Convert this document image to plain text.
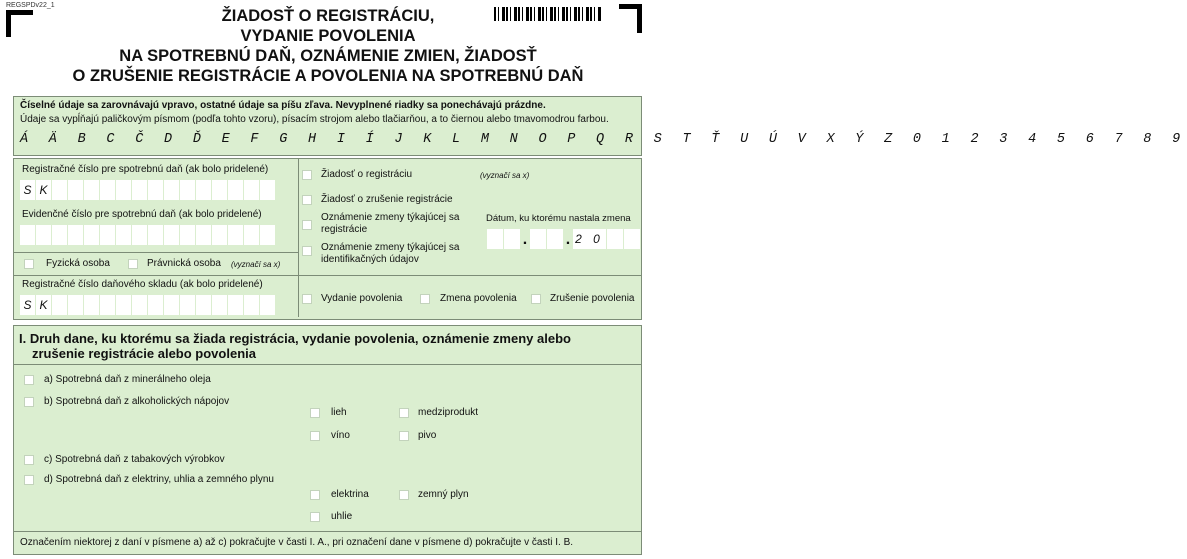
REGSPDv22_1
ŽIADOSŤ O REGISTRÁCIU,
VYDANIE POVOLENIA
NA SPOTREBNÚ DAŇ, OZNÁMENIE ZMIEN, ŽIADOSŤ
O ZRUŠENIE REGISTRÁCIE A POVOLENIA NA SPOTREBNÚ DAŇ
Číselné údaje sa zarovnávajú vpravo, ostatné údaje sa píšu zľava. Nevyplnené riadky sa ponechávajú prázdne.
Údaje sa vypĺňajú paličkovým písmom (podľa tohto vzoru), písacím strojom alebo tlačiarňou, a to čiernou alebo tmavomodrou farbou.
Á Ä B C Č D Ď E F G H I Í J K L M N O P Q R S T Ť U Ú V X Ý Z 0 1 2 3 4 5 6 7 8 9
Registračné číslo pre spotrebnú daň (ak bolo pridelené)
S K
Evidenčné číslo pre spotrebnú daň (ak bolo pridelené)
Fyzická osoba	Právnická osoba (vyznačí sa x)
Registračné číslo daňového skladu (ak bolo pridelené)
S K
Žiadosť o registráciu	(vyznačí sa x)
Žiadosť o zrušenie registrácie
Oznámenie zmeny týkajúcej sa registrácie
Oznámenie zmeny týkajúcej sa identifikačných údajov
Dátum, ku ktorému nastala zmena
. . 2 0
Vydanie povolenia	Zmena povolenia	Zrušenie povolenia
I. Druh dane, ku ktorému sa žiada registrácia, vydanie povolenia, oznámenie zmeny alebo
zrušenie registrácie alebo povolenia
a) Spotrebná daň z minerálneho oleja
b) Spotrebná daň z alkoholických nápojov
lieh	medziprodukt
víno	pivo
c) Spotrebná daň z tabakových výrobkov
d) Spotrebná daň z elektriny, uhlia a zemného plynu
elektrina	zemný plyn
uhlie
Označením niektorej z daní v písmene a) až c) pokračujte v časti I. A., pri označení dane v písmene d) pokračujte v časti I. B.
